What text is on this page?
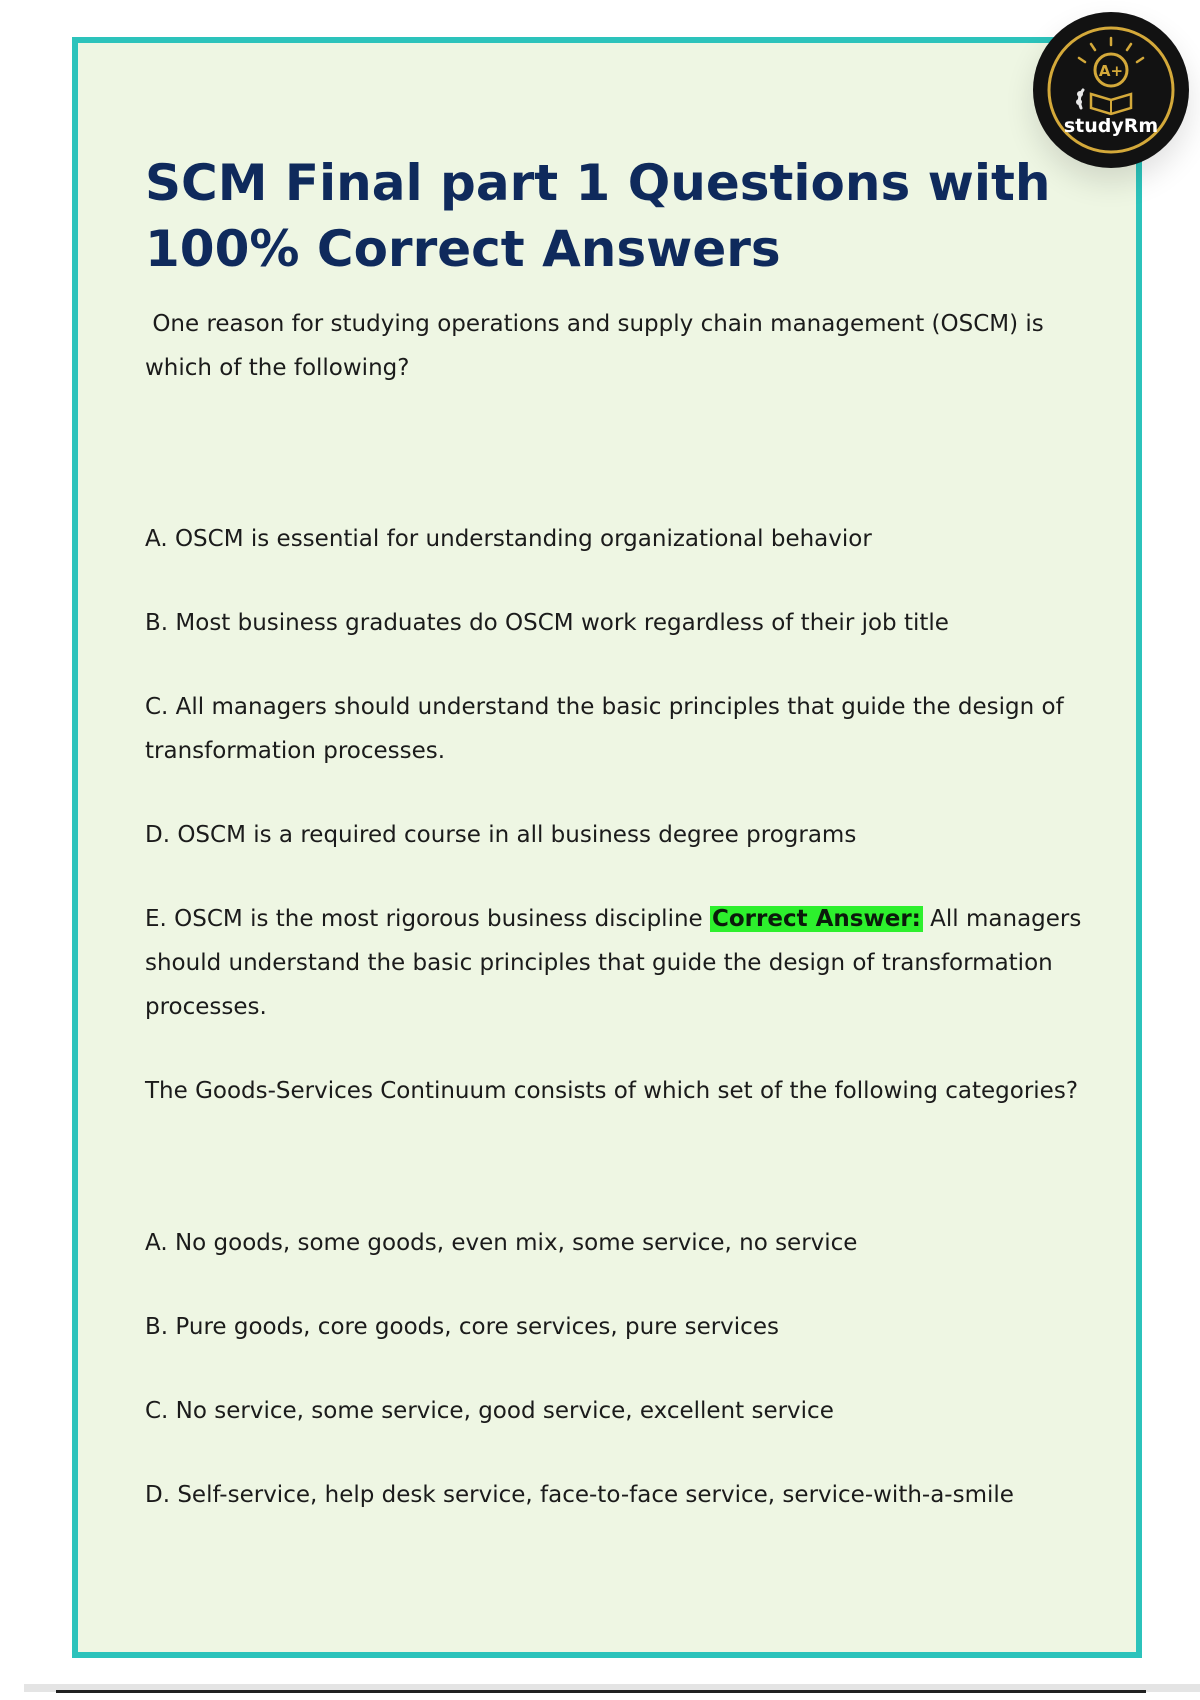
SCM Final part 1 Questions with 100% Correct Answers

One reason for studying operations and supply chain management (OSCM) is which of the following?

A. OSCM is essential for understanding organizational behavior

B. Most business graduates do OSCM work regardless of their job title

C. All managers should understand the basic principles that guide the design of transformation processes.

D. OSCM is a required course in all business degree programs

E. OSCM is the most rigorous business discipline Correct Answer: All managers should understand the basic principles that guide the design of transformation processes.

The Goods-Services Continuum consists of which set of the following categories?

A. No goods, some goods, even mix, some service, no service

B. Pure goods, core goods, core services, pure services

C. No service, some service, good service, excellent service

D. Self-service, help desk service, face-to-face service, service-with-a-smile

A+
studyRm
